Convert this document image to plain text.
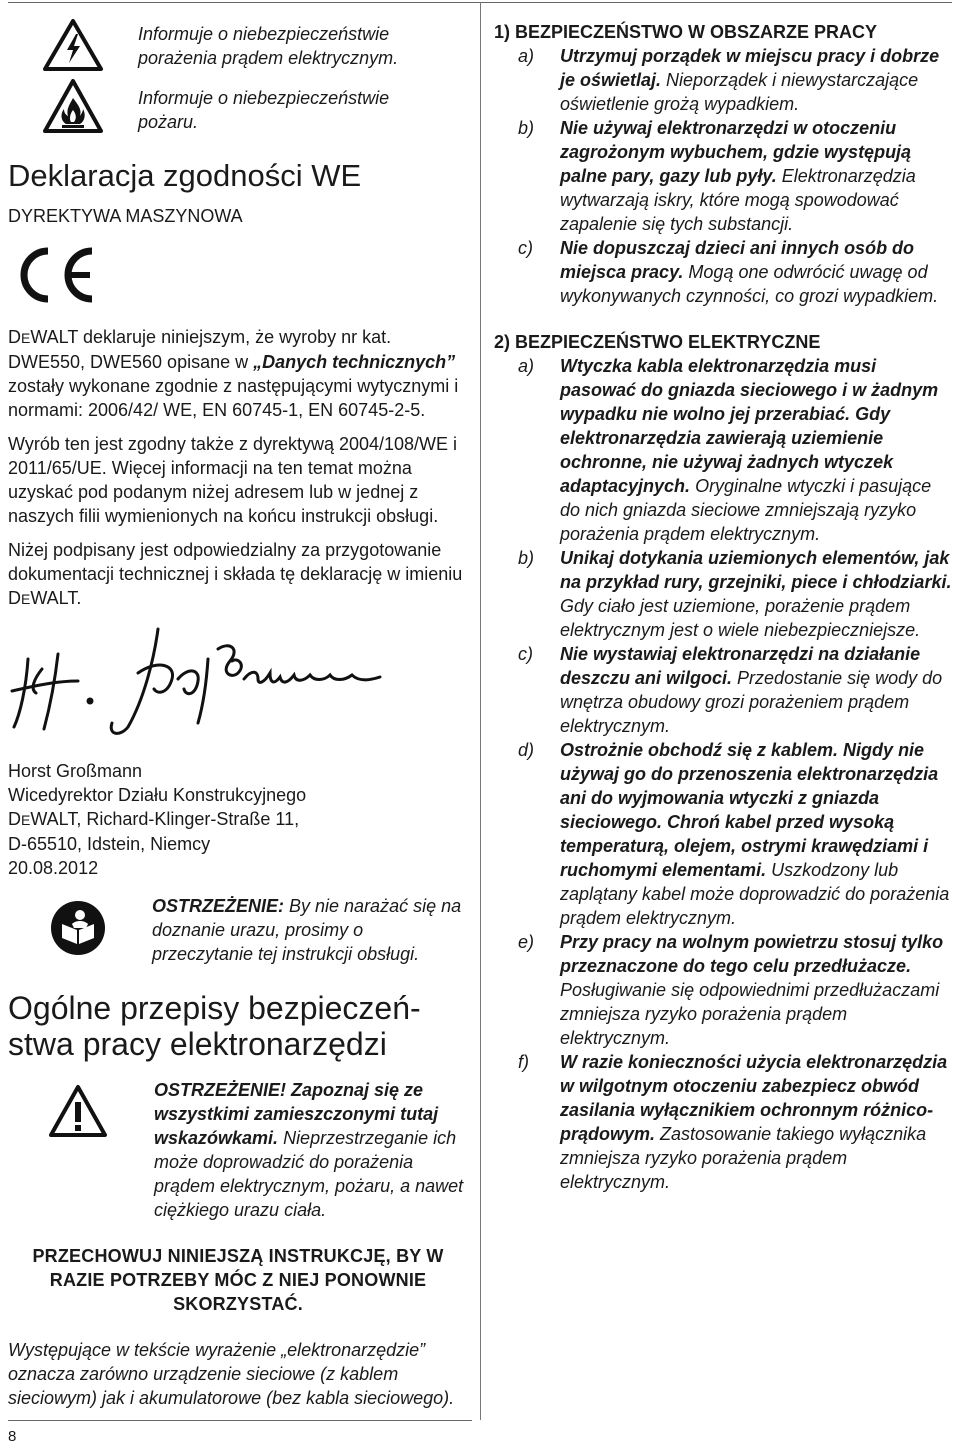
8
Informuje o niebezpieczeństwie porażenia prądem elektrycznym.
Informuje o niebezpieczeństwie pożaru.
Deklaracja zgodności WE
DYREKTYWA MASZYNOWA

DEWALT deklaruje niniejszym, że wyroby nr kat. DWE550, DWE560 opisane w „Danych technicznych” zostały wykonane zgodnie z następującymi wytycznymi i normami: 2006/42/ WE, EN 60745-1, EN 60745-2-5.

Wyrób ten jest zgodny także z dyrektywą 2004/108/WE i 2011/65/UE. Więcej informacji na ten temat można uzyskać pod podanym niżej adresem lub w jednej z naszych filii wymienionych na końcu instrukcji obsługi.

Niżej podpisany jest odpowiedzialny za przygotowanie dokumentacji technicznej i składa tę deklarację w imieniu DEWALT.

Horst Großmann

Wicedyrektor Działu Konstrukcyjnego

DEWALT, Richard-Klinger-Straße 11,

D-65510, Idstein, Niemcy

20.08.2012

OSTRZEŻENIE: By nie narażać się na doznanie urazu, prosimy o przeczytanie tej instrukcji obsługi.
Ogólne przepisy bezpieczeń-stwa pracy elektronarzędzi
OSTRZEŻENIE! Zapoznaj się ze wszystkimi zamieszczonymi tutaj wskazówkami. Nieprzestrzeganie ich może doprowadzić do porażenia prądem elektrycznym, pożaru, a nawet ciężkiego urazu ciała.
PRZECHOWUJ NINIEJSZĄ INSTRUKCJĘ, BY W RAZIE POTRZEBY MÓC Z NIEJ PONOWNIE SKORZYSTAĆ.

Występujące w tekście wyrażenie „elektronarzędzie” oznacza zarówno urządzenie sieciowe (z kablem sieciowym) jak i akumulatorowe (bez kabla sieciowego).

1) BEZPIECZEŃSTWO W OBSZARZE PRACY

a)	Utrzymuj porządek w miejscu pracy i dobrze je oświetlaj. Nieporządek i niewystarczające oświetlenie grożą wypadkiem.
b)	Nie używaj elektronarzędzi w otoczeniu zagrożonym wybuchem, gdzie występują palne pary, gazy lub pyły. Elektronarzędzia wytwarzają iskry, które mogą spowodować zapalenie się tych substancji.
c)	Nie dopuszczaj dzieci ani innych osób do miejsca pracy. Mogą one odwrócić uwagę od wykonywanych czynności, co grozi wypadkiem.

2) BEZPIECZEŃSTWO ELEKTRYCZNE

a)	Wtyczka kabla elektronarzędzia musi pasować do gniazda sieciowego i w żadnym wypadku nie wolno jej przerabiać. Gdy elektronarzędzia zawierają uziemienie ochronne, nie używaj żadnych wtyczek adaptacyjnych. Oryginalne wtyczki i pasujące do nich gniazda sieciowe zmniejszają ryzyko porażenia prądem elektrycznym.
b)	Unikaj dotykania uziemionych elementów, jak na przykład rury, grzejniki, piece i chłodziarki. Gdy ciało jest uziemione, porażenie prądem elektrycznym jest o wiele niebezpieczniejsze.
c)	Nie wystawiaj elektronarzędzi na działanie deszczu ani wilgoci. Przedostanie się wody do wnętrza obudowy grozi porażeniem prądem elektrycznym.
d)	Ostrożnie obchodź się z kablem. Nigdy nie używaj go do przenoszenia elektronarzędzia ani do wyjmowania wtyczki z gniazda sieciowego. Chroń kabel przed wysoką temperaturą, olejem, ostrymi krawędziami i ruchomymi elementami. Uszkodzony lub zaplątany kabel może doprowadzić do porażenia prądem elektrycznym.
e)	Przy pracy na wolnym powietrzu stosuj tylko przeznaczone do tego celu przedłużacze. Posługiwanie się odpowiednimi przedłużaczami zmniejsza ryzyko porażenia prądem elektrycznym.
f)	W razie konieczności użycia elektronarzędzia w wilgotnym otoczeniu zabezpiecz obwód zasilania wyłącznikiem ochronnym różnico-prądowym. Zastosowanie takiego wyłącznika zmniejsza ryzyko porażenia prądem elektrycznym.
